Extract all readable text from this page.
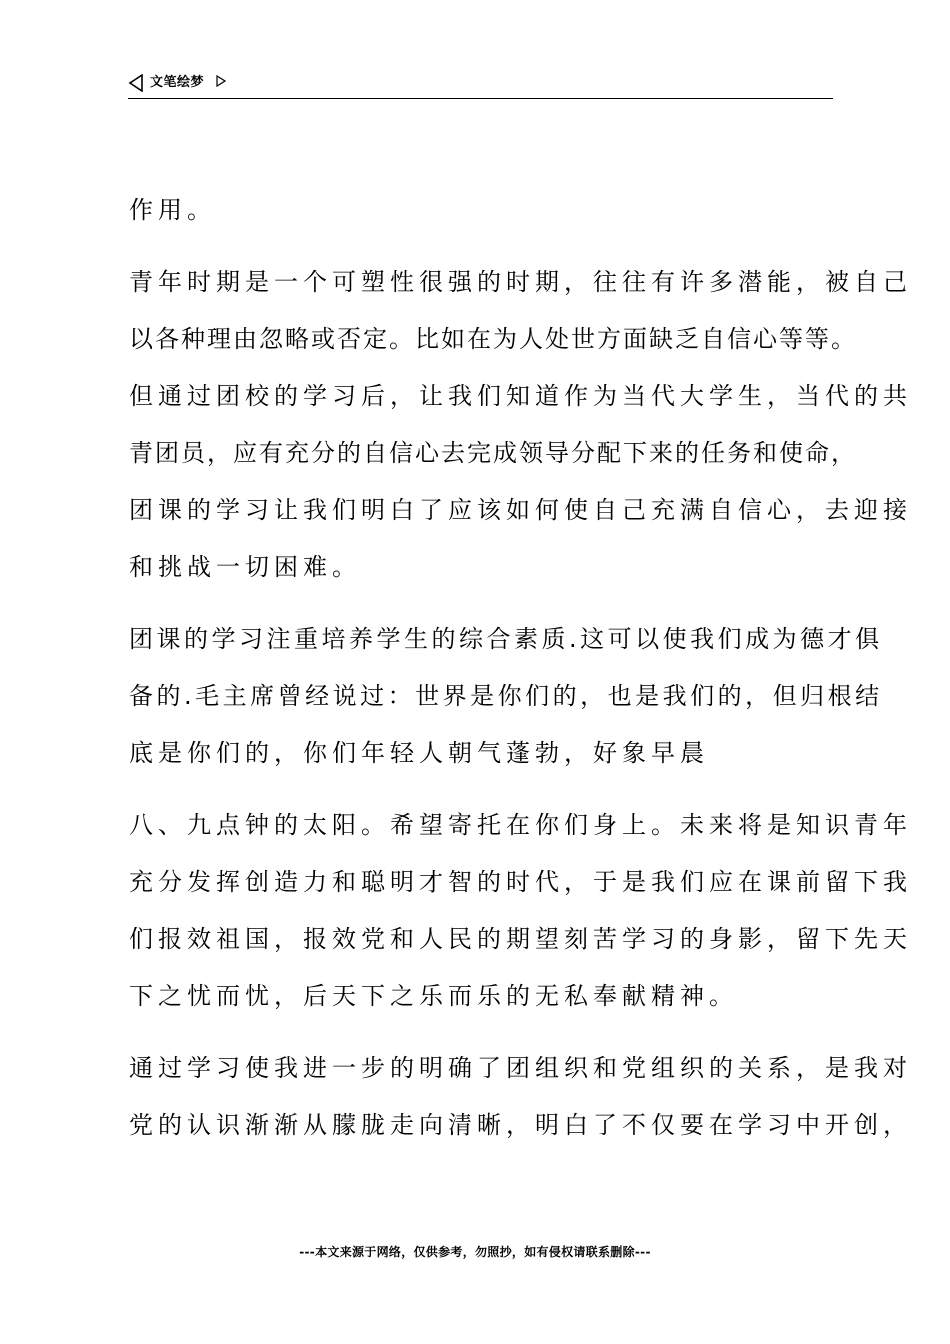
文笔绘梦
作用。
青年时期是一个可塑性很强的时期，往往有许多潜能，被自己
以各种理由忽略或否定。比如在为人处世方面缺乏自信心等等。
但通过团校的学习后，让我们知道作为当代大学生，当代的共
青团员，应有充分的自信心去完成领导分配下来的任务和使命，
团课的学习让我们明白了应该如何使自己充满自信心，去迎接
和挑战一切困难。
团课的学习注重培养学生的综合素质.这可以使我们成为德才俱
备的.毛主席曾经说过：世界是你们的，也是我们的，但归根结
底是你们的，你们年轻人朝气蓬勃，好象早晨
八、九点钟的太阳。希望寄托在你们身上。未来将是知识青年
充分发挥创造力和聪明才智的时代，于是我们应在课前留下我
们报效祖国，报效党和人民的期望刻苦学习的身影，留下先天
下之忧而忧，后天下之乐而乐的无私奉献精神。
通过学习使我进一步的明确了团组织和党组织的关系，是我对
党的认识渐渐从朦胧走向清晰，明白了不仅要在学习中开创，
---本文来源于网络，仅供参考，勿照抄，如有侵权请联系删除---
